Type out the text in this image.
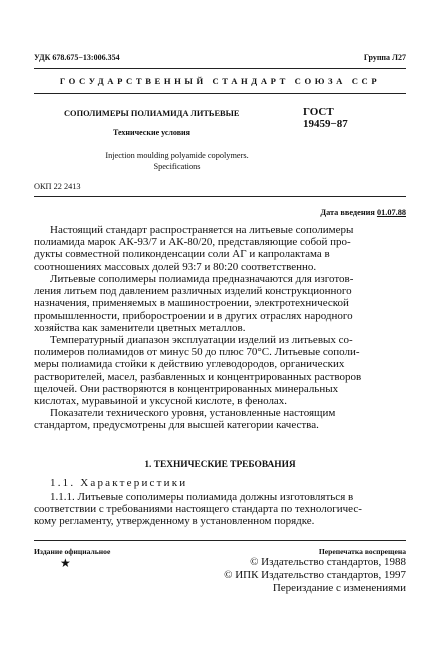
УДК 678.675−13:006.354	Группа Л27
ГОСУДАРСТВЕННЫЙ СТАНДАРТ СОЮЗА ССР
СОПОЛИМЕРЫ ПОЛИАМИДА ЛИТЬЕВЫЕ
Технические условия
Injection moulding polyamide copolymers.
Specifications
ГОСТ
19459−87
ОКП 22 2413
Дата введения 01.07.88
Настоящий стандарт распространяется на литьевые сополимеры
полиамида марок АК-93/7 и АК-80/20, представляющие собой про-
дукты совместной поликонденсации соли АГ и капролактама в
соотношениях массовых долей 93:7 и 80:20 соответственно.
Литьевые сополимеры полиамида предназначаются для изготов-
ления литьем под давлением различных изделий конструкционного
назначения, применяемых в машиностроении, электротехнической
промышленности, приборостроении и в других отраслях народного
хозяйства как заменители цветных металлов.
Температурный диапазон эксплуатации изделий из литьевых со-
полимеров полиамидов от минус 50 до плюс 70°С. Литьевые сополи-
меры полиамида стойки к действию углеводородов, органических
растворителей, масел, разбавленных и концентрированных растворов
щелочей. Они растворяются в концентрированных минеральных
кислотах, муравьиной и уксусной кислоте, в фенолах.
Показатели технического уровня, установленные настоящим
стандартом, предусмотрены для высшей категории качества.
1. ТЕХНИЧЕСКИЕ ТРЕБОВАНИЯ
1.1. Характеристики
1.1.1. Литьевые сополимеры полиамида должны изготовляться в
соответствии с требованиями настоящего стандарта по технологичес-
кому регламенту, утвержденному в установленном порядке.
Издание официальное
★
Перепечатка воспрещена
© Издательство стандартов, 1988
© ИПК Издательство стандартов, 1997
Переиздание с изменениями
